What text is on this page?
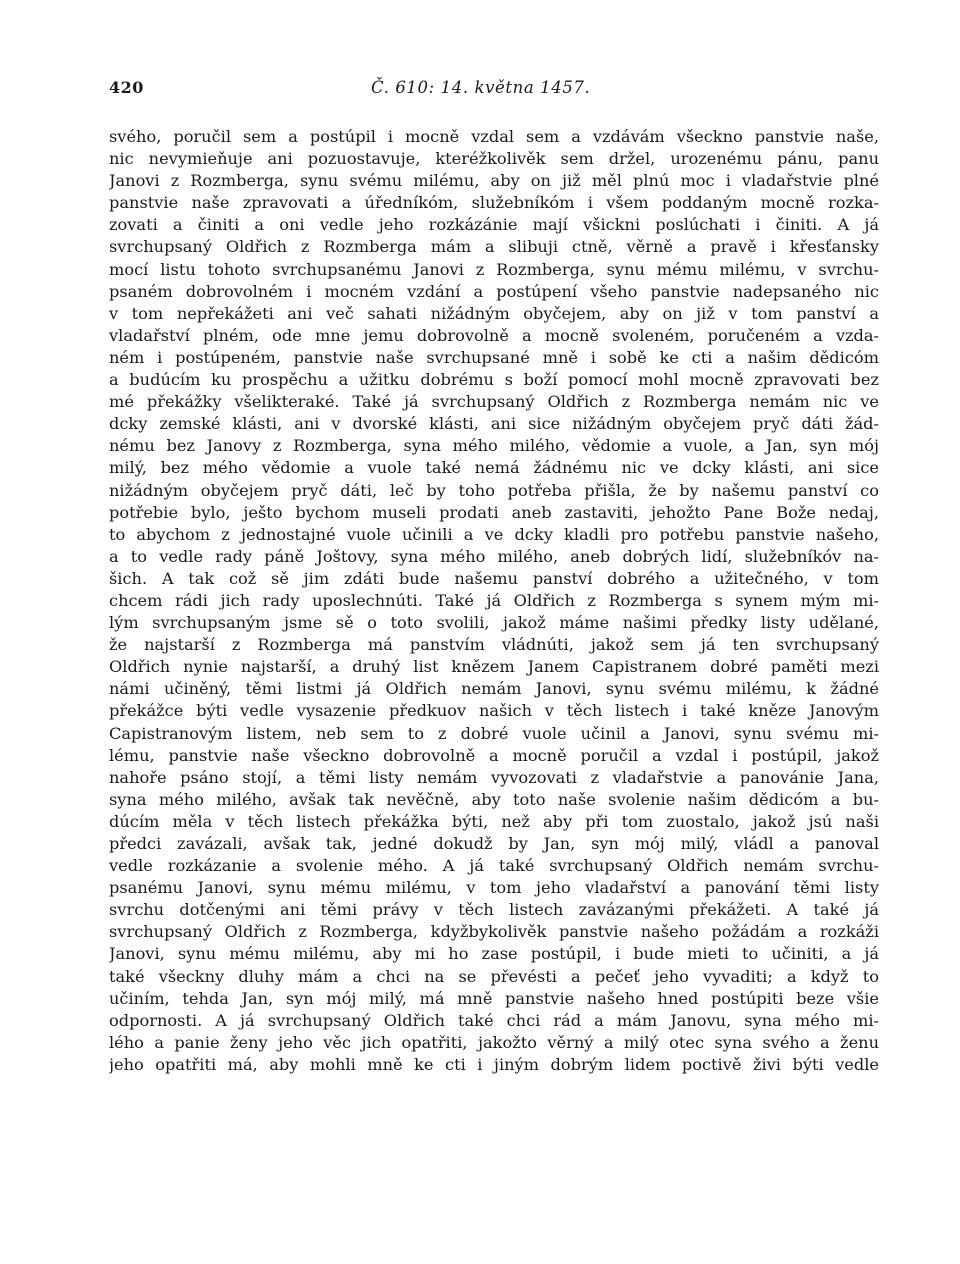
420	Č. 610: 14. května 1457.
svého, poručil sem a postúpil i mocně vzdal sem a vzdávám všeckno panstvie naše,
nic nevymieňuje ani pozuostavuje, kteréžkolivěk sem držel, urozenému pánu, panu
Janovi z Rozmberga, synu svému milému, aby on již měl plnú moc i vladařstvie plné
panstvie naše zpravovati a úředníkóm, služebníkóm i všem poddaným mocně rozka-
zovati a činiti a oni vedle jeho rozkázánie mají všickni poslúchati i činiti. A já
svrchupsaný Oldřich z Rozmberga mám a slibuji ctně, věrně a pravě i křesťansky
mocí listu tohoto svrchupsanému Janovi z Rozmberga, synu mému milému, v svrchu-
psaném dobrovolném i mocném vzdání a postúpení všeho panstvie nadepsaného nic
v tom nepřekážeti ani več sahati nižádným obyčejem, aby on již v tom panství a
vladařství plném, ode mne jemu dobrovolně a mocně svoleném, poručeném a vzda-
ném i postúpeném, panstvie naše svrchupsané mně i sobě ke cti a našim dědicóm
a budúcím ku prospěchu a užitku dobrému s boží pomocí mohl mocně zpravovati bez
mé překážky všelikteraké. Také já svrchupsaný Oldřich z Rozmberga nemám nic ve
dcky zemské klásti, ani v dvorské klásti, ani sice nižádným obyčejem pryč dáti žád-
nému bez Janovy z Rozmberga, syna mého milého, vědomie a vuole, a Jan, syn mój
milý, bez mého vědomie a vuole také nemá žádnému nic ve dcky klásti, ani sice
nižádným obyčejem pryč dáti, leč by toho potřeba přišla, že by našemu panství co
potřebie bylo, ješto bychom museli prodati aneb zastaviti, jehožto Pane Bože nedaj,
to abychom z jednostajné vuole učinili a ve dcky kladli pro potřebu panstvie našeho,
a to vedle rady páně Joštovy, syna mého milého, aneb dobrých lidí, služebníkóv na-
šich. A tak což sě jim zdáti bude našemu panství dobrého a užitečného, v tom
chcem rádi jich rady uposlechnúti. Také já Oldřich z Rozmberga s synem mým mi-
lým svrchupsaným jsme sě o toto svolili, jakož máme našimi předky listy udělané,
že najstarší z Rozmberga má panstvím vládnúti, jakož sem já ten svrchupsaný
Oldřich nynie najstarší, a druhý list knězem Janem Capistranem dobré paměti mezi
námi učiněný, těmi listmi já Oldřich nemám Janovi, synu svému milému, k žádné
překážce býti vedle vysazenie předkuov našich v těch listech i také kněze Janovým
Capistranovým listem, neb sem to z dobré vuole učinil a Janovi, synu svému mi-
lému, panstvie naše všeckno dobrovolně a mocně poručil a vzdal i postúpil, jakož
nahoře psáno stojí, a těmi listy nemám vyvozovati z vladařstvie a panovánie Jana,
syna mého milého, avšak tak nevěčně, aby toto naše svolenie našim dědicóm a bu-
dúcím měla v těch listech překážka býti, než aby při tom zuostalo, jakož jsú naši
předci zavázali, avšak tak, jedné dokudž by Jan, syn mój milý, vládl a panoval
vedle rozkázanie a svolenie mého. A já také svrchupsaný Oldřich nemám svrchu-
psanému Janovi, synu mému milému, v tom jeho vladařství a panování těmi listy
svrchu dotčenými ani těmi právy v těch listech zavázanými překážeti. A také já
svrchupsaný Oldřich z Rozmberga, kdyžbykolivěk panstvie našeho požádám a rozkáži
Janovi, synu mému milému, aby mi ho zase postúpil, i bude mieti to učiniti, a já
také všeckny dluhy mám a chci na se převésti a pečeť jeho vyvaditi; a když to
učiním, tehda Jan, syn mój milý, má mně panstvie našeho hned postúpiti beze všie
odpornosti. A já svrchupsaný Oldřich také chci rád a mám Janovu, syna mého mi-
lého a panie ženy jeho věc jich opatřiti, jakožto věrný a milý otec syna svého a ženu
jeho opatřiti má, aby mohli mně ke cti i jiným dobrým lidem poctivě živi býti vedle
